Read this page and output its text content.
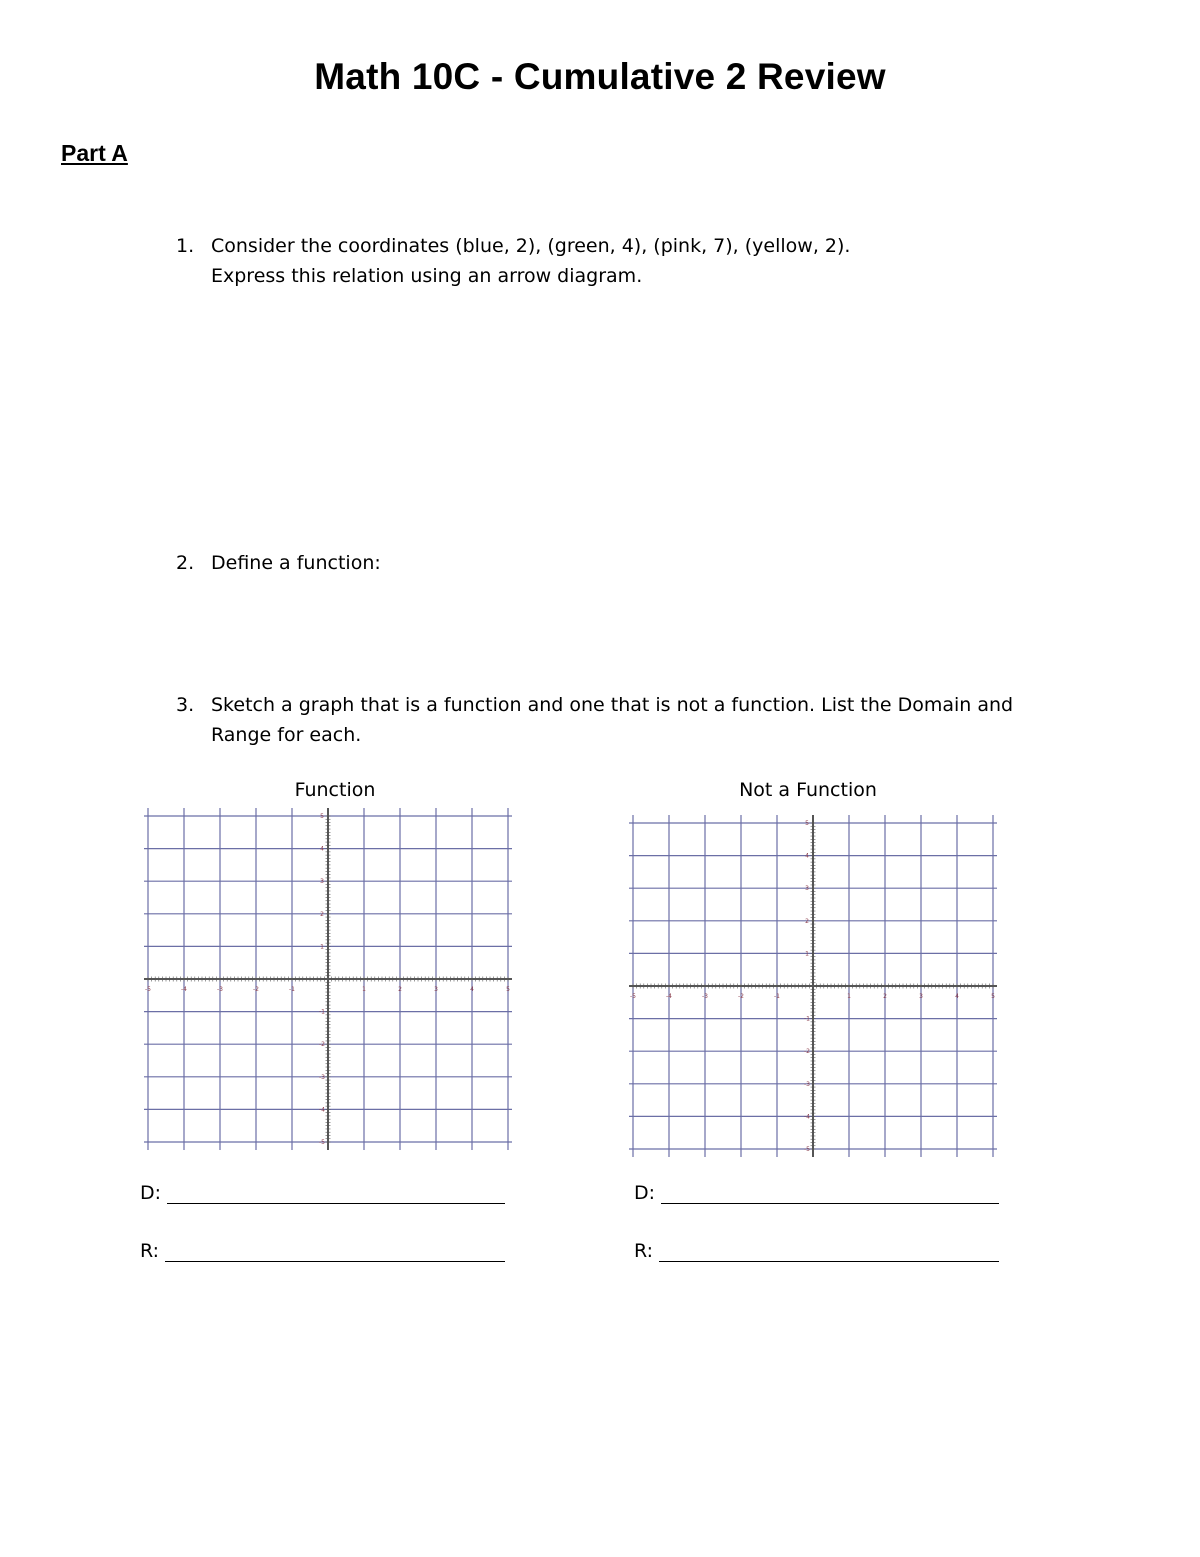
Math 10C - Cumulative 2 Review
Part A
1. Consider the coordinates (blue, 2), (green, 4), (pink, 7), (yellow, 2).
Express this relation using an arrow diagram.
2. Define a function:
3. Sketch a graph that is a function and one that is not a function. List the Domain and
Range for each.
Function	Not a Function
-5	-4	-3	-2	-1	1	2	3	4	5
-5
-4
-3
-2
-1
1
2
3
4
5
-5	-4	-3	-2	-1	1	2	3	4	5
-5
-4
-3
-2
-1
1
2
3
4
5
D:
R:
D:
R:
